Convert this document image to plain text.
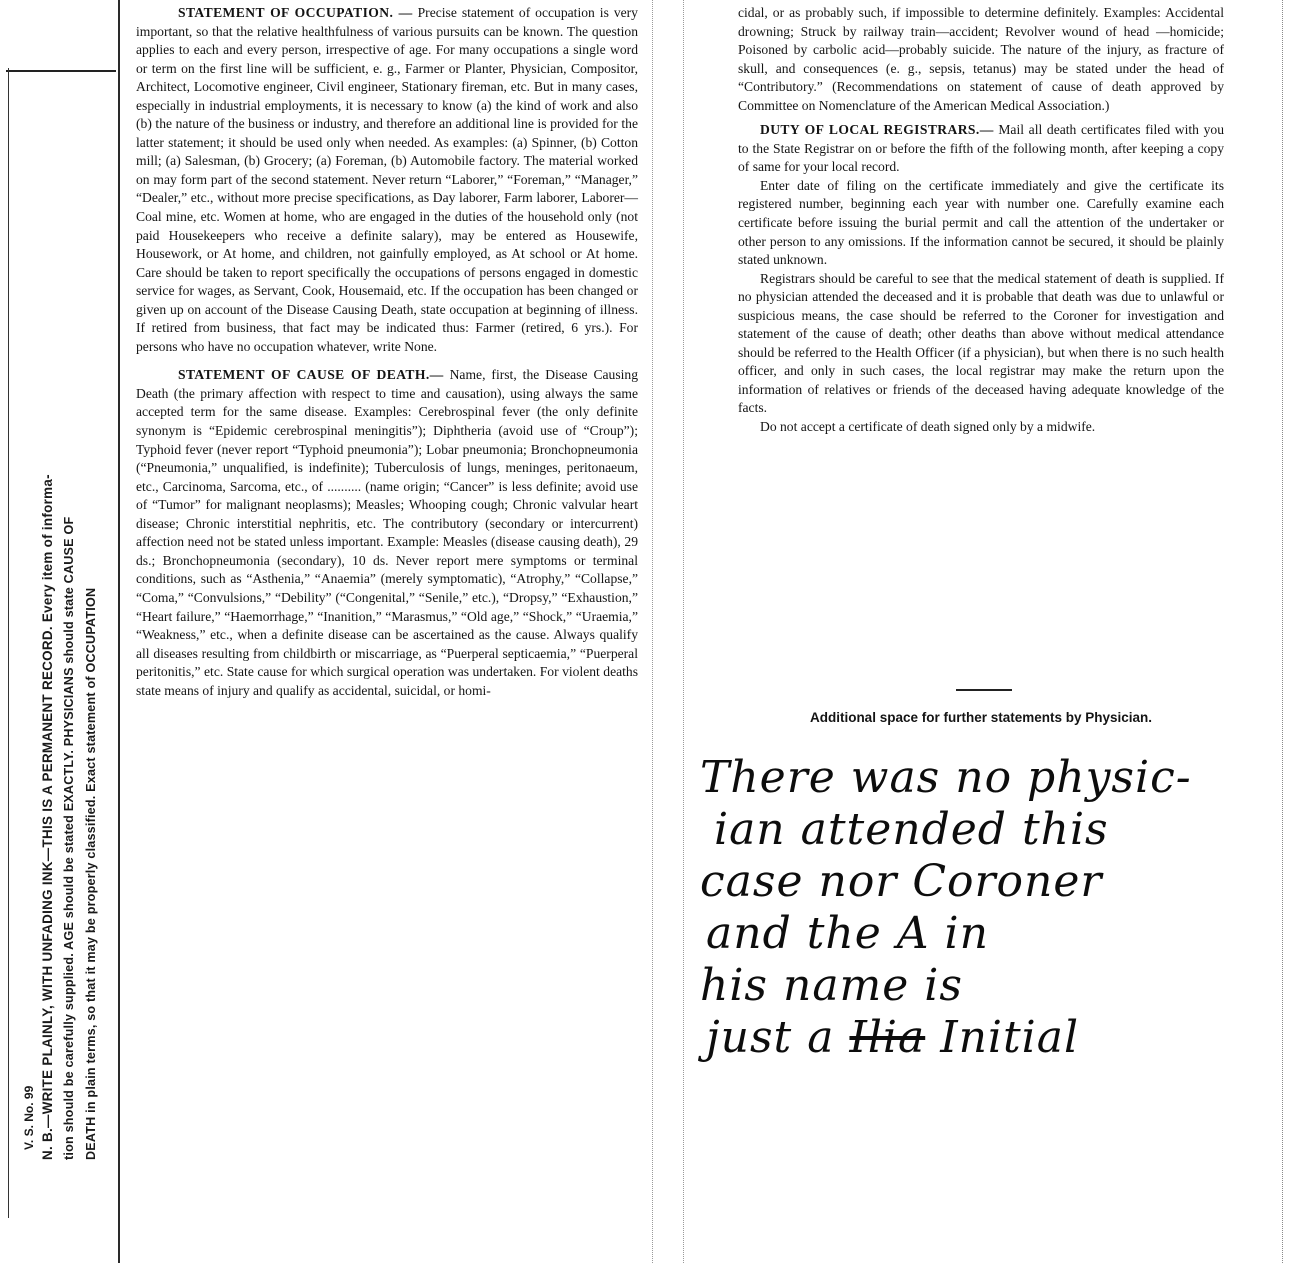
V. S. No. 99 N. B.—WRITE PLAINLY, WITH UNFADING INK—THIS IS A PERMANENT RECORD. Every item of informa- tion should be carefully supplied. AGE should be stated EXACTLY. PHYSICIANS should state CAUSE OF DEATH in plain terms, so that it may be properly classified. Exact statement of OCCUPATION

STATEMENT OF OCCUPATION. — Precise statement of occupation is very important, so that the relative healthfulness of various pursuits can be known. The question applies to each and every person, irrespective of age. For many occupations a single word or term on the first line will be sufficient, e. g., Farmer or Planter, Physician, Compositor, Architect, Locomotive engineer, Civil engineer, Stationary fireman, etc. But in many cases, especially in industrial employments, it is necessary to know (a) the kind of work and also (b) the nature of the business or industry, and therefore an additional line is provided for the latter statement; it should be used only when needed. As examples: (a) Spinner, (b) Cotton mill; (a) Salesman, (b) Grocery; (a) Foreman, (b) Automobile factory. The material worked on may form part of the second statement. Never return “Laborer,” “Foreman,” “Manager,” “Dealer,” etc., without more precise specifications, as Day laborer, Farm laborer, Laborer—Coal mine, etc. Women at home, who are engaged in the duties of the household only (not paid Housekeepers who receive a definite salary), may be entered as Housewife, Housework, or At home, and children, not gainfully employed, as At school or At home. Care should be taken to report specifically the occupations of persons engaged in domestic service for wages, as Servant, Cook, Housemaid, etc. If the occupation has been changed or given up on account of the Disease Causing Death, state occupation at beginning of illness. If retired from business, that fact may be indicated thus: Farmer (retired, 6 yrs.). For persons who have no occupation whatever, write None.

STATEMENT OF CAUSE OF DEATH.— Name, first, the Disease Causing Death (the primary affection with respect to time and causation), using always the same accepted term for the same disease. Examples: Cerebrospinal fever (the only definite synonym is “Epidemic cerebrospinal meningitis”); Diphtheria (avoid use of “Croup”); Typhoid fever (never report “Typhoid pneumonia”); Lobar pneumonia; Bronchopneumonia (“Pneumonia,” unqualified, is indefinite); Tuberculosis of lungs, meninges, peritonaeum, etc., Carcinoma, Sarcoma, etc., of .......... (name origin; “Cancer” is less definite; avoid use of “Tumor” for malignant neoplasms); Measles; Whooping cough; Chronic valvular heart disease; Chronic interstitial nephritis, etc. The contributory (secondary or intercurrent) affection need not be stated unless important. Example: Measles (disease causing death), 29 ds.; Bronchopneumonia (secondary), 10 ds. Never report mere symptoms or terminal conditions, such as “Asthenia,” “Anaemia” (merely symptomatic), “Atrophy,” “Collapse,” “Coma,” “Convulsions,” “Debility” (“Congenital,” “Senile,” etc.), “Dropsy,” “Exhaustion,” “Heart failure,” “Haemorrhage,” “Inanition,” “Marasmus,” “Old age,” “Shock,” “Uraemia,” “Weakness,” etc., when a definite disease can be ascertained as the cause. Always qualify all diseases resulting from childbirth or miscarriage, as “Puerperal septicaemia,” “Puerperal peritonitis,” etc. State cause for which surgical operation was undertaken. For violent deaths state means of injury and qualify as accidental, suicidal, or homi-

cidal, or as probably such, if impossible to determine definitely. Examples: Accidental drowning; Struck by railway train—accident; Revolver wound of head —homicide; Poisoned by carbolic acid—probably suicide. The nature of the injury, as fracture of skull, and consequences (e. g., sepsis, tetanus) may be stated under the head of “Contributory.” (Recommendations on statement of cause of death approved by Committee on Nomenclature of the American Medical Association.)

DUTY OF LOCAL REGISTRARS.— Mail all death certificates filed with you to the State Registrar on or before the fifth of the following month, after keeping a copy of same for your local record.

Enter date of filing on the certificate immediately and give the certificate its registered number, beginning each year with number one. Carefully examine each certificate before issuing the burial permit and call the attention of the undertaker or other person to any omissions. If the information cannot be secured, it should be plainly stated unknown.

Registrars should be careful to see that the medical statement of death is supplied. If no physician attended the deceased and it is probable that death was due to unlawful or suspicious means, the case should be referred to the Coroner for investigation and statement of the cause of death; other deaths than above without medical attendance should be referred to the Health Officer (if a physician), but when there is no such health officer, and only in such cases, the local registrar may make the return upon the information of relatives or friends of the deceased having adequate knowledge of the facts.

Do not accept a certificate of death signed only by a midwife.

Additional space for further statements by Physician.
There was no physic-
ian attended this
case nor Coroner
and the A in
his name is
just a Ilia Initial
